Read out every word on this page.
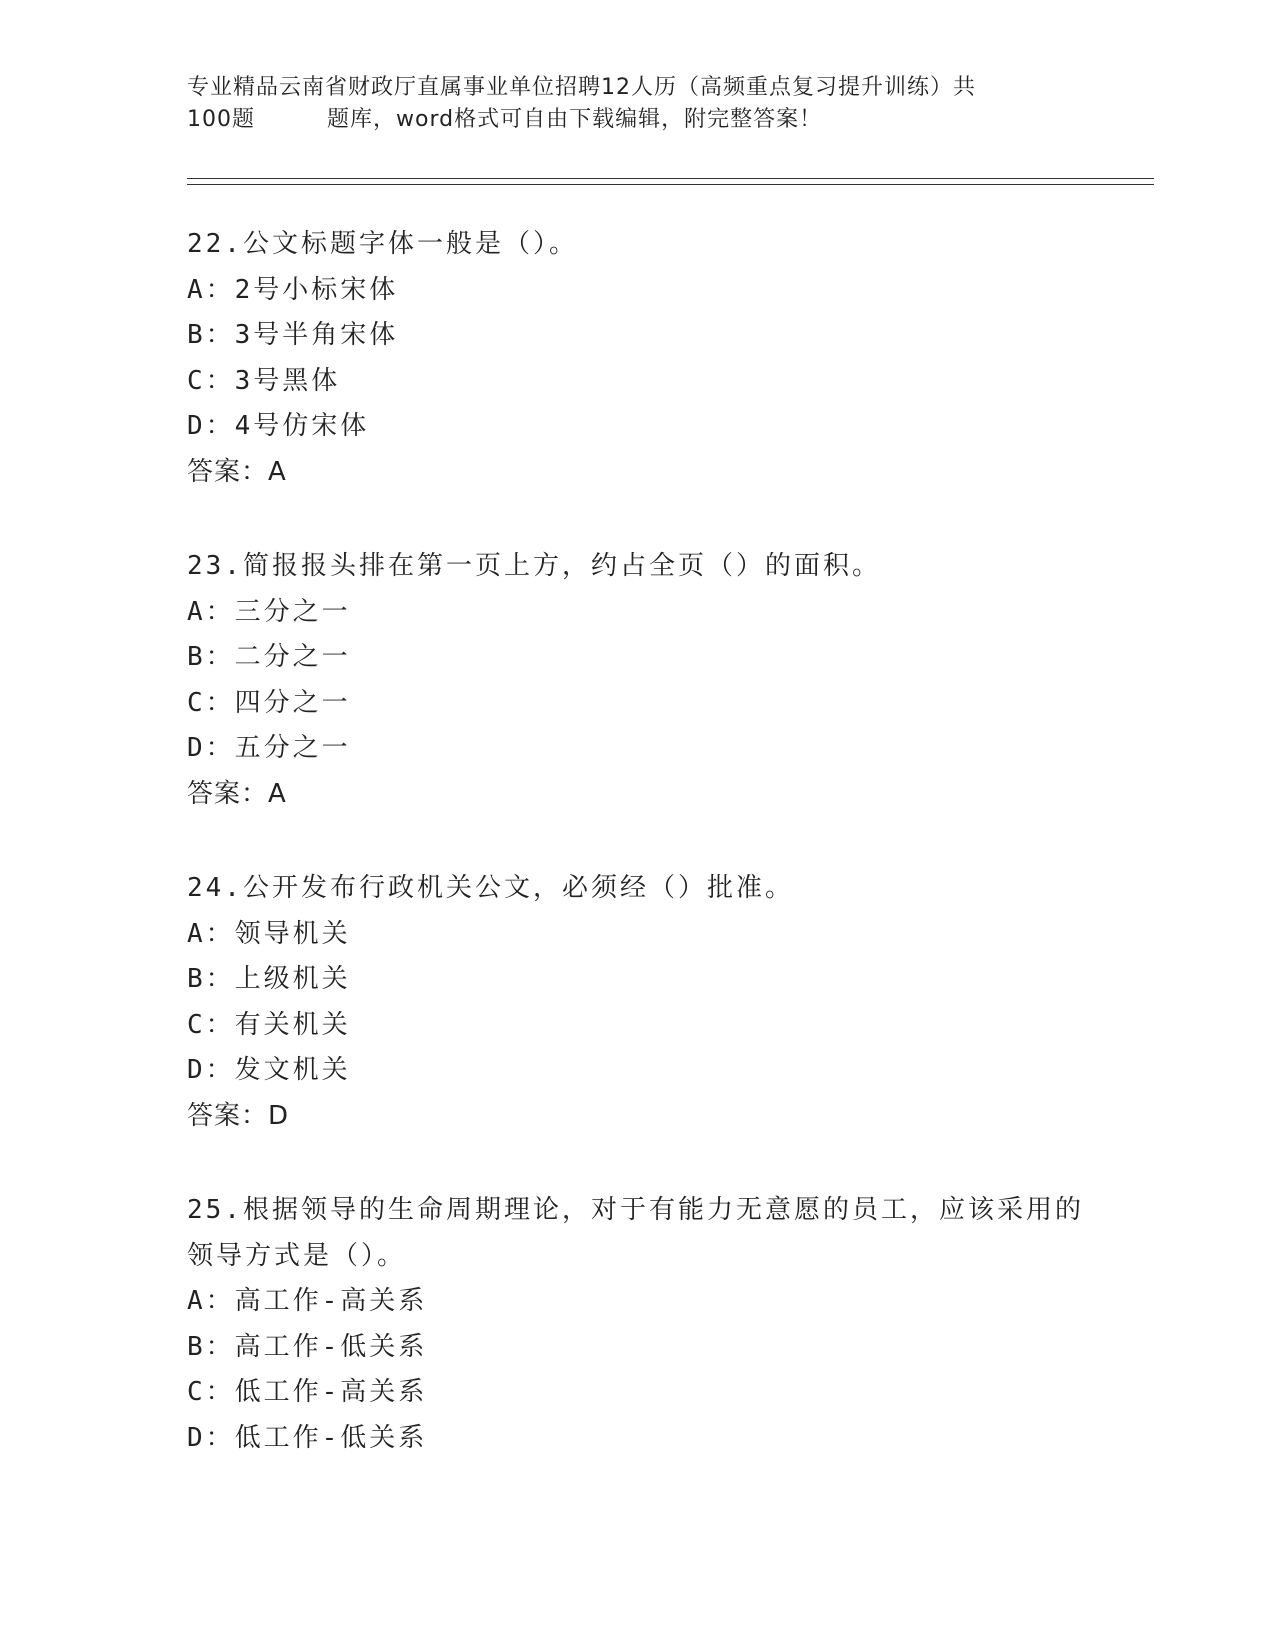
专业精品云南省财政厅直属事业单位招聘12人历（高频重点复习提升训练）共
100题	题库，word格式可自由下载编辑，附完整答案！

22.公文标题字体一般是（）。

A：2号小标宋体

B：3号半角宋体

C：3号黑体

D：4号仿宋体

答案：A

23.简报报头排在第一页上方，约占全页（）的面积。

A：三分之一

B：二分之一

C：四分之一

D：五分之一

答案：A

24.公开发布行政机关公文，必须经（）批准。

A：领导机关

B：上级机关

C：有关机关

D：发文机关

答案：D

25.根据领导的生命周期理论，对于有能力无意愿的员工，应该采用的

领导方式是（）。

A：高工作-高关系

B：高工作-低关系

C：低工作-高关系

D：低工作-低关系
